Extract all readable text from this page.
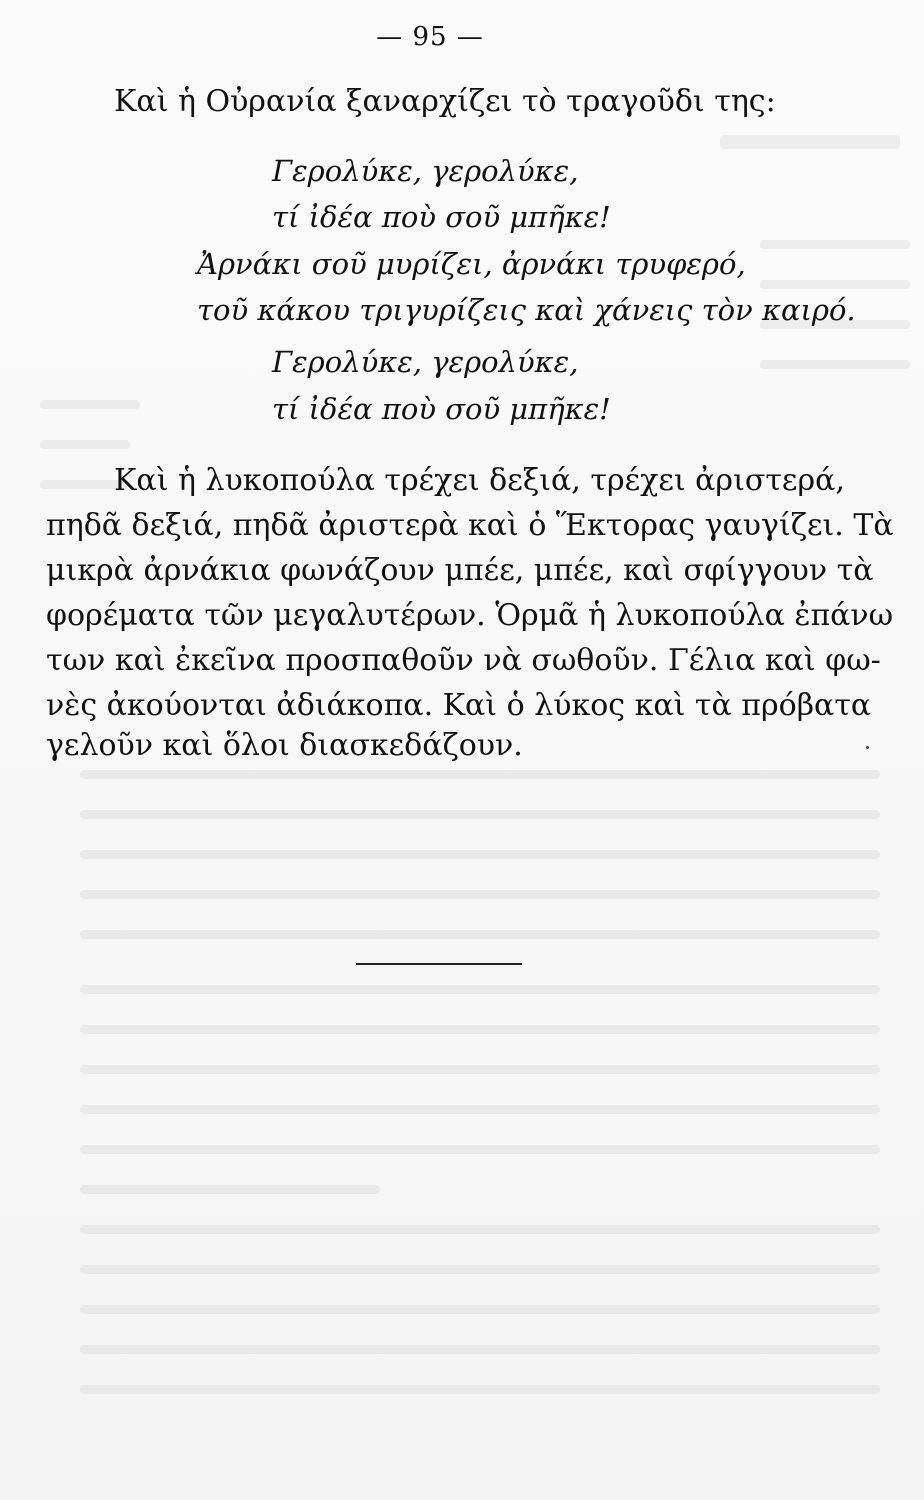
— 95 —
Καὶ ἡ Οὐρανία ξαναρχίζει τὸ τραγοῦδι της:
Γερολύκε, γερολύκε,
τί ἰδέα ποὺ σοῦ μπῆκε!
Ἀρνάκι σοῦ μυρίζει, ἀρνάκι τρυφερό,
τοῦ κάκου τριγυρίζεις καὶ χάνεις τὸν καιρό.
Γερολύκε, γερολύκε,
τί ἰδέα ποὺ σοῦ μπῆκε!
Καὶ ἡ λυκοπούλα τρέχει δεξιά, τρέχει ἀριστερά,
πηδᾶ δεξιά, πηδᾶ ἀριστερὰ καὶ ὁ Ἕκτορας γαυγίζει. Τὰ
μικρὰ ἀρνάκια φωνάζουν μπέε, μπέε, καὶ σφίγγουν τὰ
φορέματα τῶν μεγαλυτέρων. Ὁρμᾶ ἡ λυκοπούλα ἐπάνω
των καὶ ἐκεῖνα προσπαθοῦν νὰ σωθοῦν. Γέλια καὶ φω-
νὲς ἀκούονται ἀδιάκοπα. Καὶ ὁ λύκος καὶ τὰ πρόβατα
γελοῦν καὶ ὅλοι διασκεδάζουν.
